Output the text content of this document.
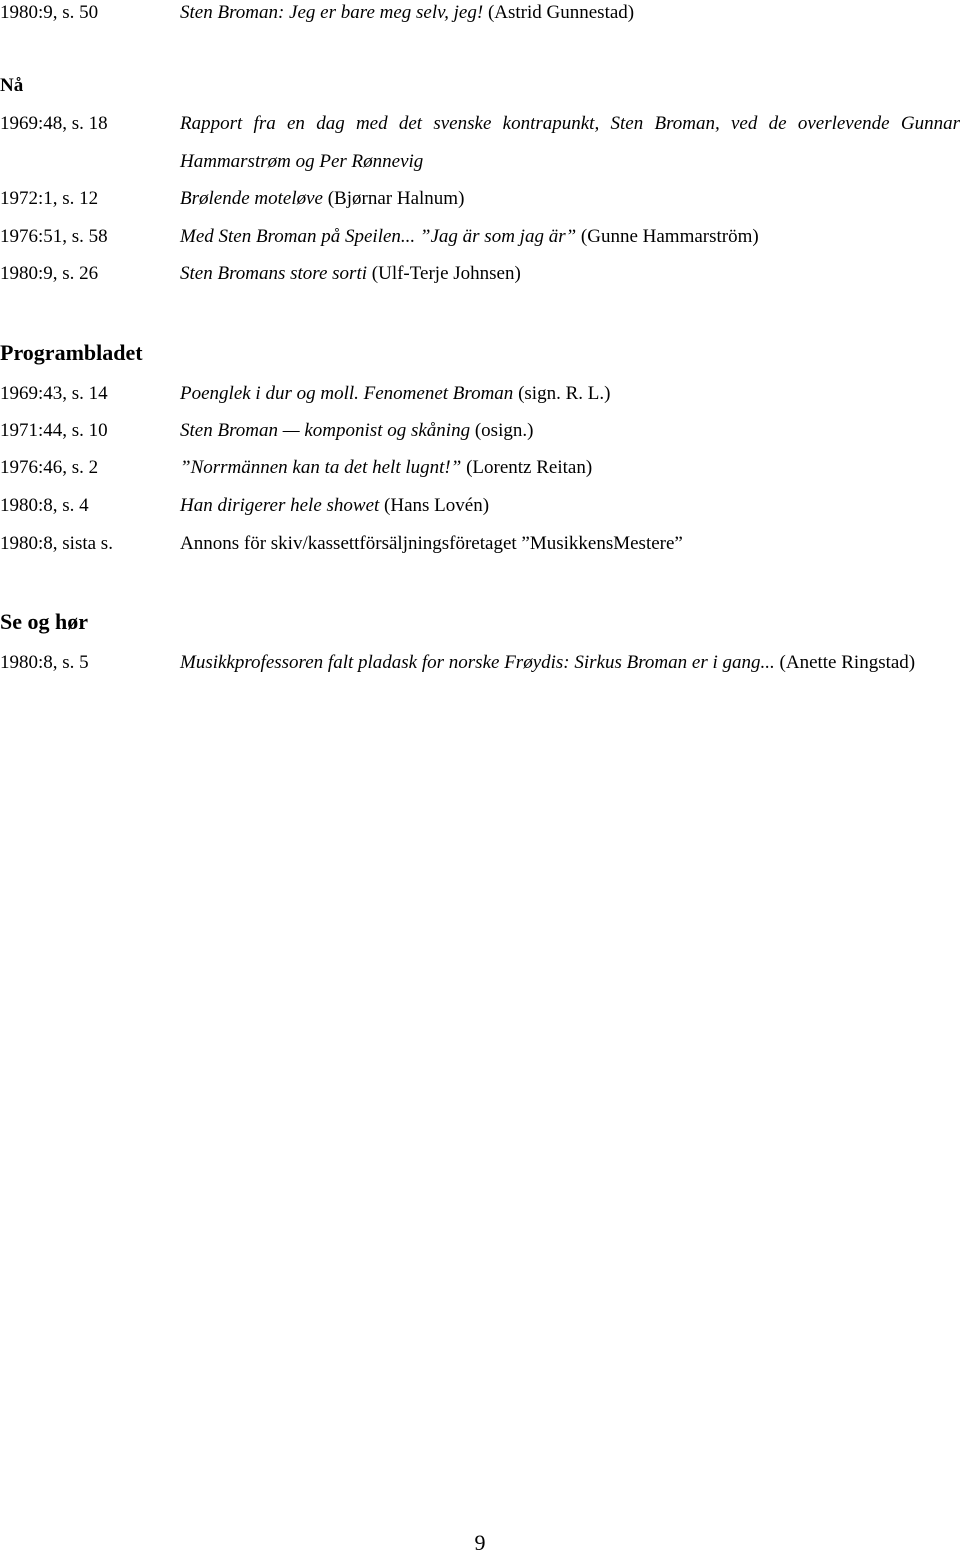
1980:9, s. 50	Sten Broman: Jeg er bare meg selv, jeg! (Astrid Gunnestad)
Nå
1969:48, s. 18	Rapport fra en dag med det svenske kontrapunkt, Sten Broman, ved de overlevende Gunnar Hammarstrøm og Per Rønnevig
1972:1, s. 12	Brølende moteløve (Bjørnar Halnum)
1976:51, s. 58	Med Sten Broman på Speilen... ”Jag är som jag är” (Gunne Hammarström)
1980:9, s. 26	Sten Bromans store sorti (Ulf-Terje Johnsen)
Programbladet
1969:43, s. 14	Poenglek i dur og moll. Fenomenet Broman (sign. R. L.)
1971:44, s. 10	Sten Broman — komponist og skåning (osign.)
1976:46, s. 2	”Norrmännen kan ta det helt lugnt!” (Lorentz Reitan)
1980:8, s. 4	Han dirigerer hele showet (Hans Lovén)
1980:8, sista s.	Annons för skiv/kassettförsäljningsföretaget ”MusikkensMestere”
Se og hør
1980:8, s. 5	Musikkprofessoren falt pladask for norske Frøydis: Sirkus Broman er i gang... (Anette Ringstad)
9
